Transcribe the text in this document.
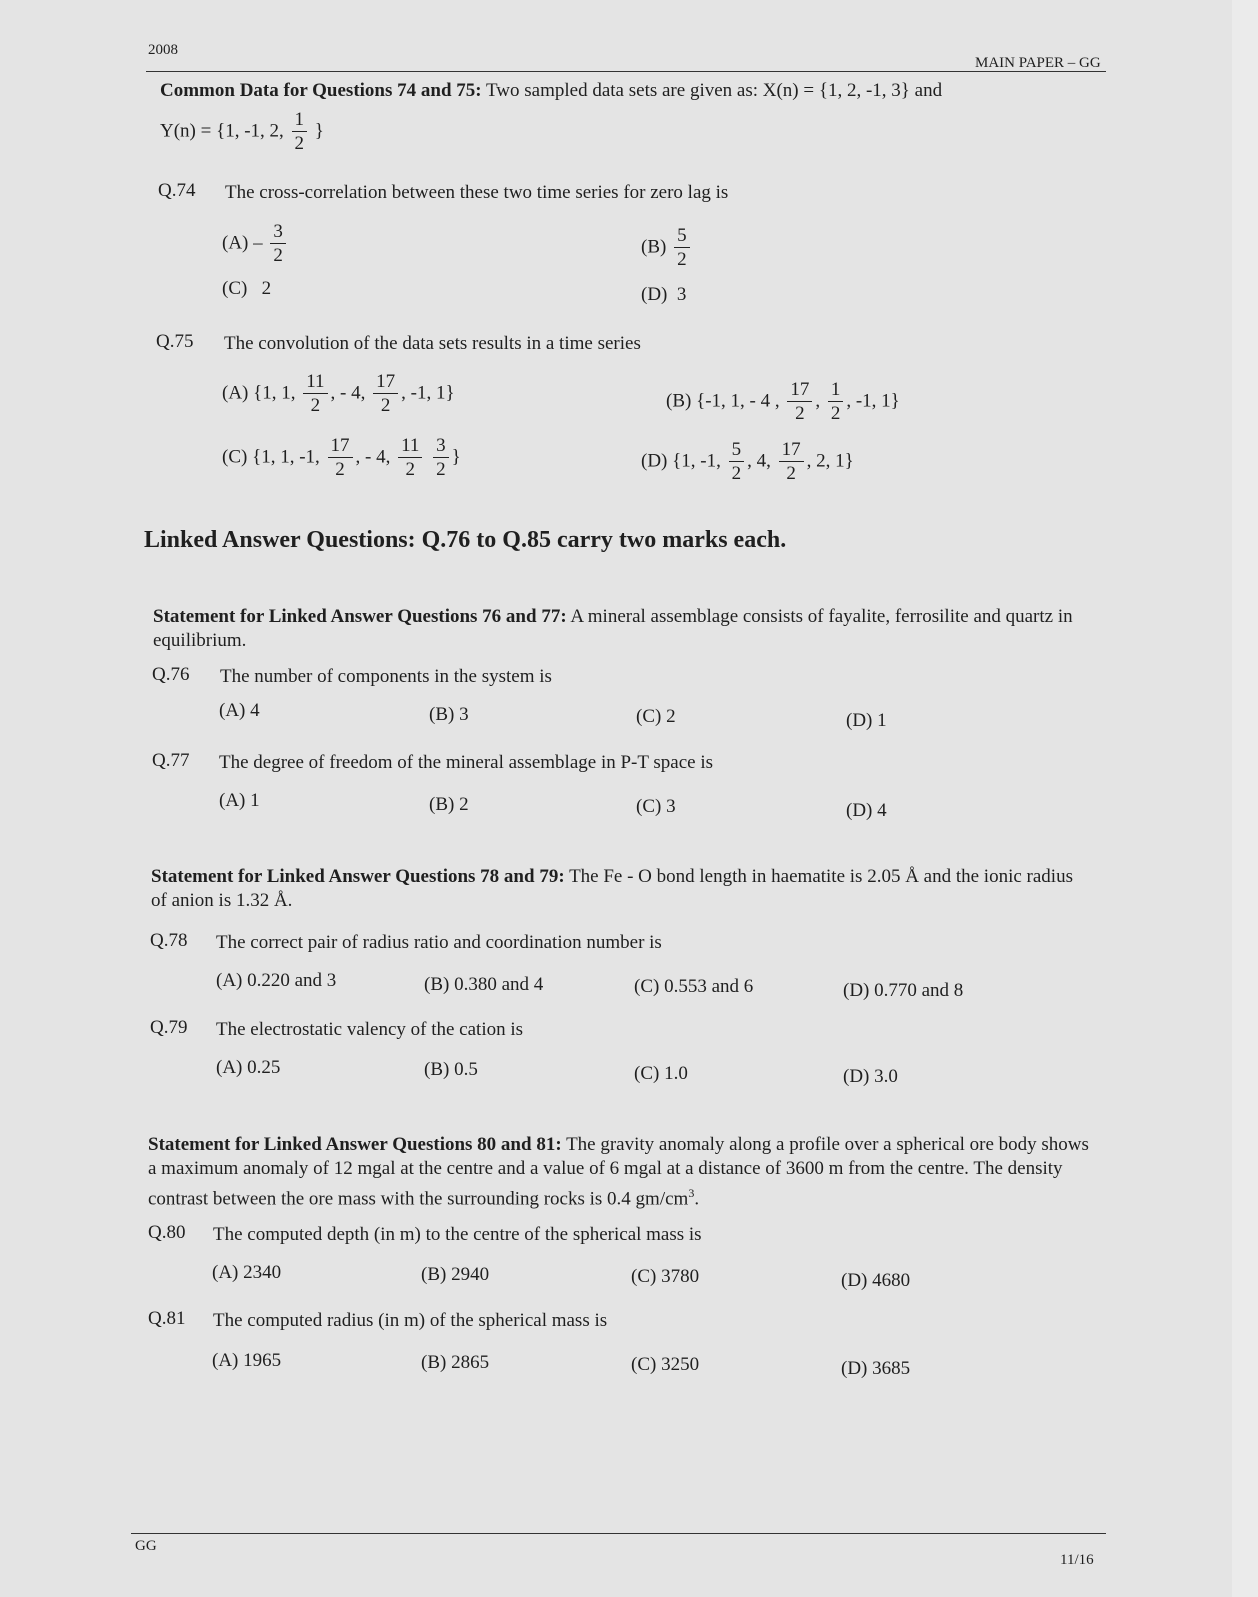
2008
MAIN PAPER – GG
Common Data for Questions 74 and 75: Two sampled data sets are given as: X(n) = {1, 2, -1, 3} and
Y(n) = {1, -1, 2, $\frac{1}{2}$ }
Q.74 The cross-correlation between these two time series for zero lag is
$(A) - \frac{3}{2}$	$(B) \frac{5}{2}$
(C) 2	(D) 3
Q.75 The convolution of the data sets results in a time series
(A) {1, 1, $\frac{11}{2}$ , - 4, $\frac{17}{2}$ , -1, 1}	(B) {-1, 1, - 4 , $\frac{17}{2}$ , $\frac{1}{2}$ , -1, 1}
(C) {1, 1, -1, $\frac{17}{2}$ , - 4, $\frac{11}{2}$
$\frac{3}{2}$ }	(D) {1, -1, $\frac{5}{2}$ , 4, $\frac{17}{2}$ , 2, 1}
Linked Answer Questions: Q.76 to Q.85 carry two marks each.
Statement for Linked Answer Questions 76 and 77: A mineral assemblage consists of fayalite, ferrosilite and quartz in equilibrium.
Q.76 The number of components in the system is
(A) 4	(B) 3	(C) 2	(D) 1
Q.77 The degree of freedom of the mineral assemblage in P-T space is
(A) 1	(B) 2	(C) 3	(D) 4
Statement for Linked Answer Questions 78 and 79: The Fe - O bond length in haematite is 2.05 Å and the ionic radius of anion is 1.32 Å.
Q.78 The correct pair of radius ratio and coordination number is
(A) 0.220 and 3	(B) 0.380 and 4	(C) 0.553 and 6	(D) 0.770 and 8
Q.79 The electrostatic valency of the cation is
(A) 0.25	(B) 0.5	(C) 1.0	(D) 3.0
Statement for Linked Answer Questions 80 and 81: The gravity anomaly along a profile over a spherical ore body shows a maximum anomaly of 12 mgal at the centre and a value of 6 mgal at a distance of 3600 m from the centre. The density contrast between the ore mass with the surrounding rocks is 0.4 $gm/cm^3$.
Q.80 The computed depth (in m) to the centre of the spherical mass is
(A) 2340	(B) 2940	(C) 3780	(D) 4680
Q.81 The computed radius (in m) of the spherical mass is
(A) 1965	(B) 2865	(C) 3250	(D) 3685
GG
11/16
